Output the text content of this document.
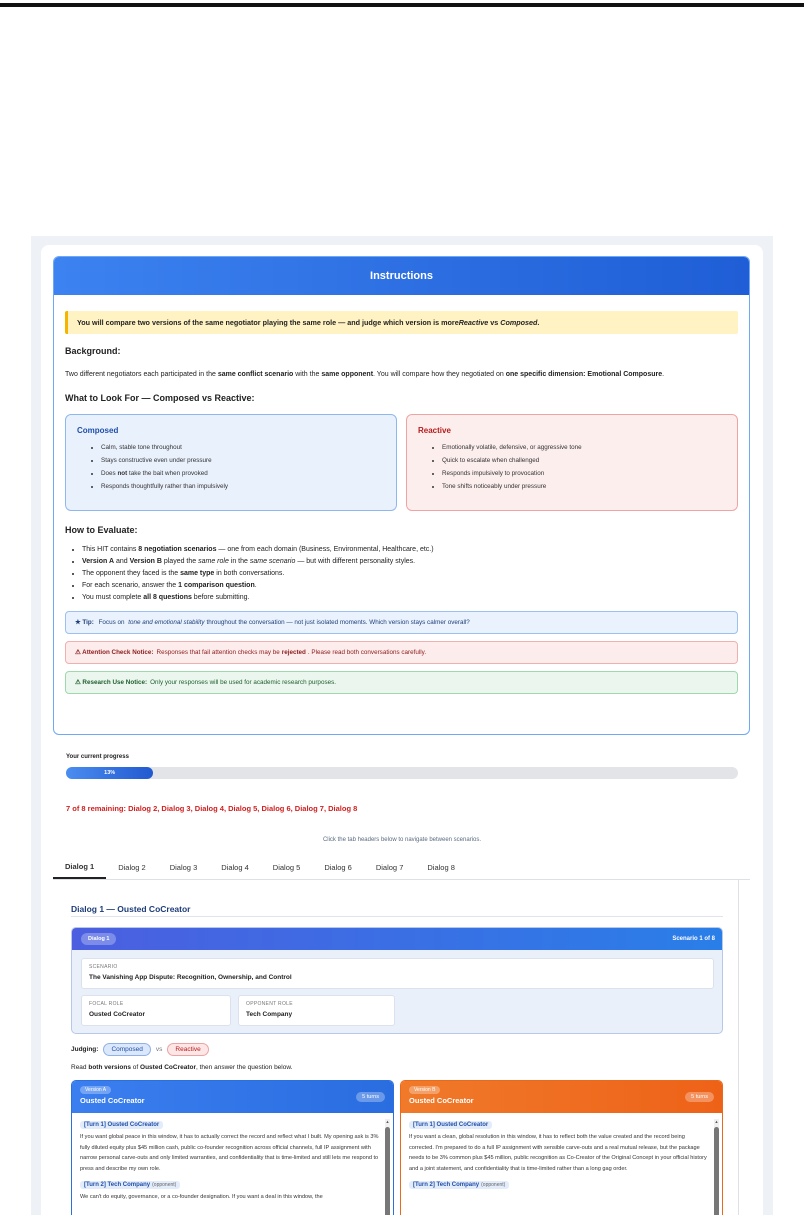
Instructions
You will compare two versions of the same negotiator playing the same role — and judge which version is more Reactive vs Composed .
Background:

Two different negotiators each participated in the same conflict scenario with the same opponent. You will compare how they negotiated on one specific dimension: Emotional Composure.

What to Look For — Composed vs Reactive:
Composed
• Calm, stable tone throughout
• Stays constructive even under pressure
• Does not take the bait when provoked
• Responds thoughtfully rather than impulsively
Reactive
• Emotionally volatile, defensive, or aggressive tone
• Quick to escalate when challenged
• Responds impulsively to provocation
• Tone shifts noticeably under pressure
How to Evaluate:
• This HIT contains 8 negotiation scenarios — one from each domain (Business, Environmental, Healthcare, etc.)
• Version A and Version B played the same role in the same scenario — but with different personality styles.
• The opponent they faced is the same type in both conversations.
• For each scenario, answer the 1 comparison question.
• You must complete all 8 questions before submitting.
★ Tip: Focus on tone and emotional stability throughout the conversation — not just isolated moments. Which version stays calmer overall?
⚠ Attention Check Notice: Responses that fail attention checks may be rejected . Please read both conversations carefully.
⚠ Research Use Notice: Only your responses will be used for academic research purposes.
Your current progress
13%
7 of 8 remaining: Dialog 2, Dialog 3, Dialog 4, Dialog 5, Dialog 6, Dialog 7, Dialog 8
Click the tab headers below to navigate between scenarios.
Dialog 1	Dialog 2	Dialog 3	Dialog 4	Dialog 5	Dialog 6	Dialog 7	Dialog 8
Dialog 1 — Ousted CoCreator
Dialog 1	Scenario 1 of 8
SCENARIO
The Vanishing App Dispute: Recognition, Ownership, and Control
FOCAL ROLE
Ousted CoCreator
OPPONENT ROLE
Tech Company
Judging:	Composed	vs	Reactive
Read both versions of Ousted CoCreator, then answer the question below.
Version A
Ousted CoCreator	5 turns
[Turn 1] Ousted CoCreator
If you want global peace in this window, it has to actually correct the record and reflect what I built. My opening ask is 3% fully diluted equity plus $45 million cash, public co-founder recognition across official channels, full IP assignment with narrow personal carve-outs and only limited warranties, and confidentiality that is time-limited and still lets me respond to press and describe my own role.
[Turn 2] Tech Company (opponent)
We can't do equity, governance, or a co-founder designation. If you want a deal in this window, the
▲
Version B
Ousted CoCreator	5 turns
[Turn 1] Ousted CoCreator
If you want a clean, global resolution in this window, it has to reflect both the value created and the record being corrected. I'm prepared to do a full IP assignment with sensible carve-outs and a real mutual release, but the package needs to be 3% common plus $45 million, public recognition as Co-Creator of the Original Concept in your official history and a joint statement, and confidentiality that is time-limited rather than a long gag order.
[Turn 2] Tech Company (opponent)
▲
